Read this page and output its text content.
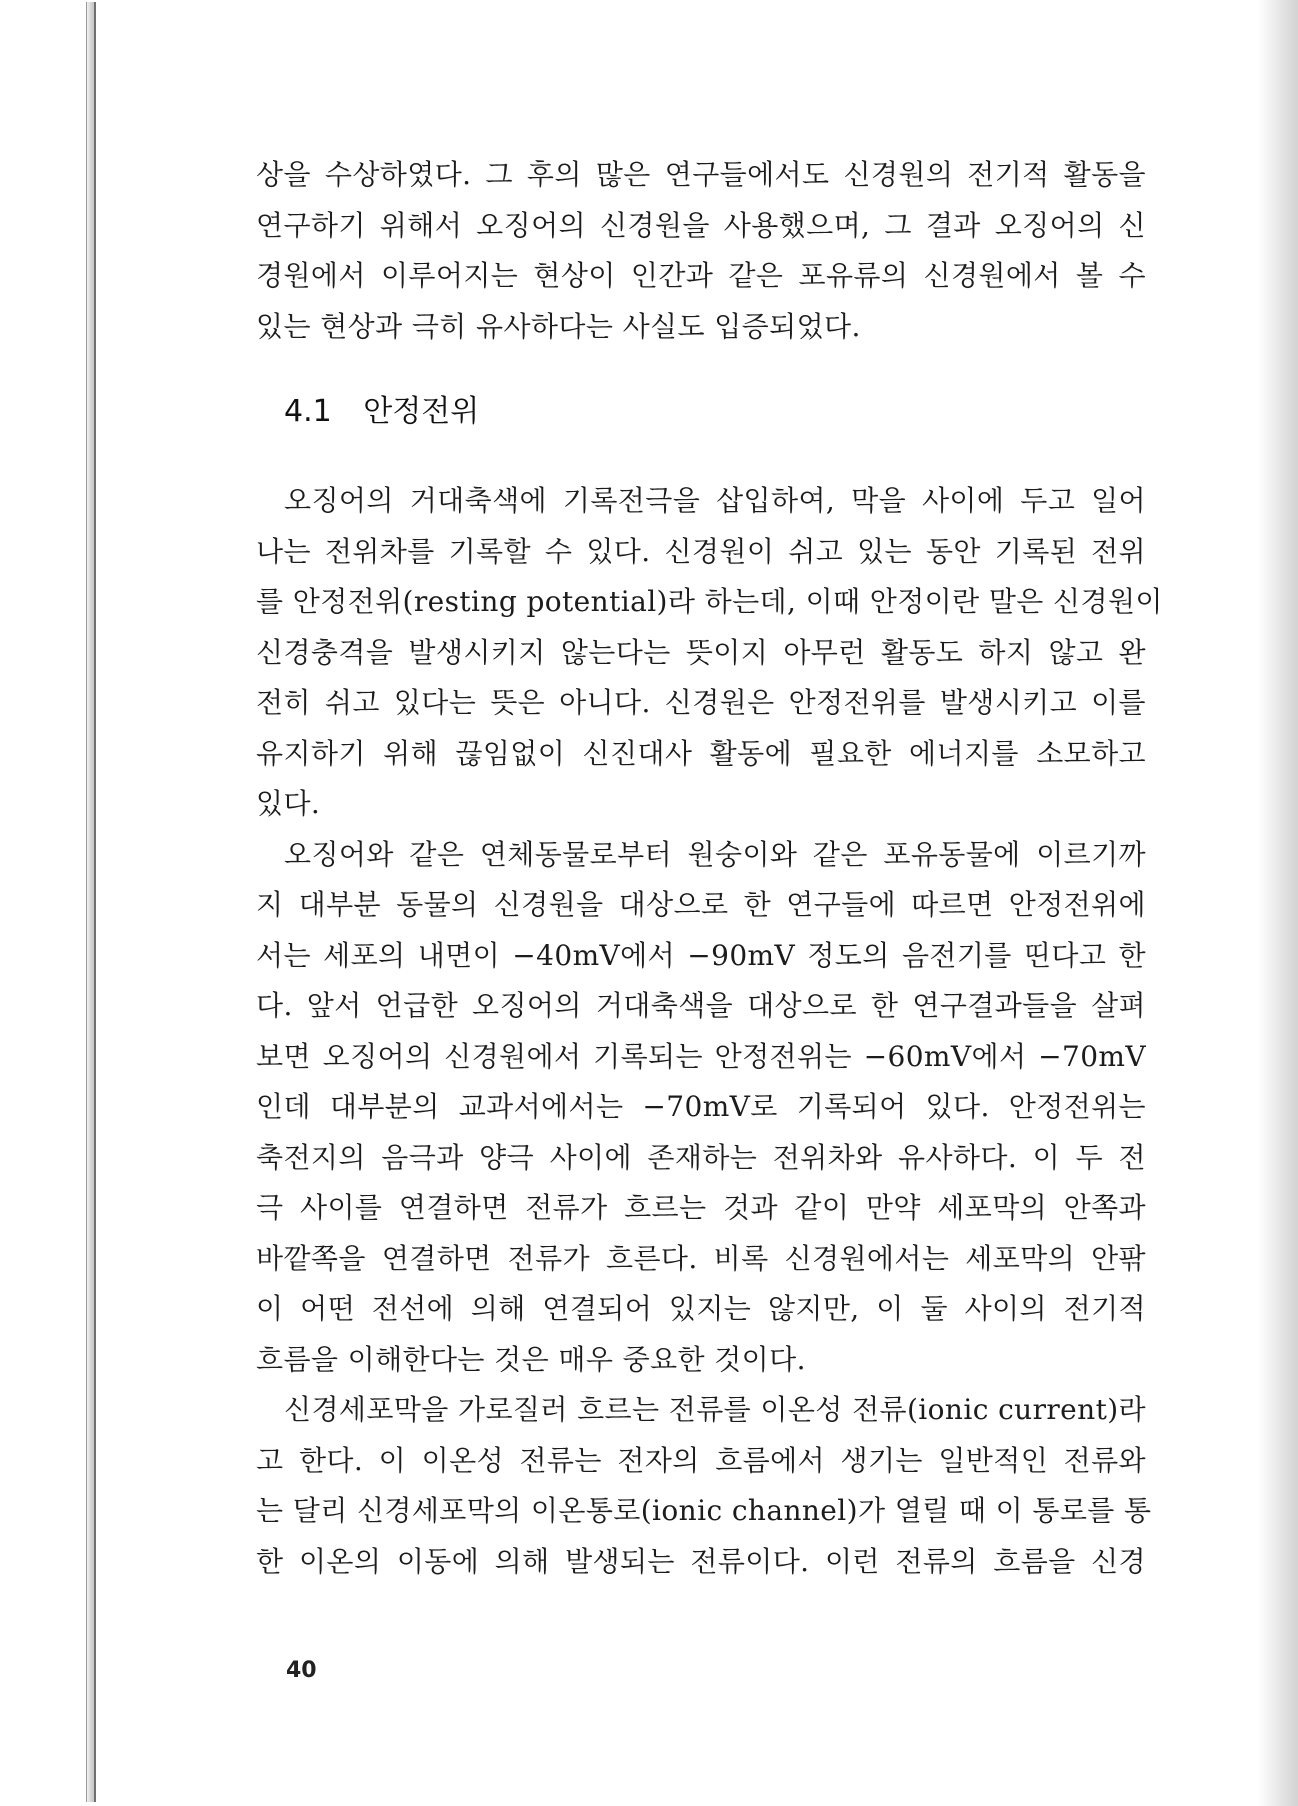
상을 수상하였다. 그 후의 많은 연구들에서도 신경원의 전기적 활동을
연구하기 위해서 오징어의 신경원을 사용했으며, 그 결과 오징어의 신
경원에서 이루어지는 현상이 인간과 같은 포유류의 신경원에서 볼 수
있는 현상과 극히 유사하다는 사실도 입증되었다.
4.1 안정전위
오징어의 거대축색에 기록전극을 삽입하여, 막을 사이에 두고 일어
나는 전위차를 기록할 수 있다. 신경원이 쉬고 있는 동안 기록된 전위
를 안정전위(resting potential)라 하는데, 이때 안정이란 말은 신경원이
신경충격을 발생시키지 않는다는 뜻이지 아무런 활동도 하지 않고 완
전히 쉬고 있다는 뜻은 아니다. 신경원은 안정전위를 발생시키고 이를
유지하기 위해 끊임없이 신진대사 활동에 필요한 에너지를 소모하고
있다.
오징어와 같은 연체동물로부터 원숭이와 같은 포유동물에 이르기까
지 대부분 동물의 신경원을 대상으로 한 연구들에 따르면 안정전위에
서는 세포의 내면이 −40mV에서 −90mV 정도의 음전기를 띤다고 한
다. 앞서 언급한 오징어의 거대축색을 대상으로 한 연구결과들을 살펴
보면 오징어의 신경원에서 기록되는 안정전위는 −60mV에서 −70mV
인데 대부분의 교과서에서는 −70mV로 기록되어 있다. 안정전위는
축전지의 음극과 양극 사이에 존재하는 전위차와 유사하다. 이 두 전
극 사이를 연결하면 전류가 흐르는 것과 같이 만약 세포막의 안쪽과
바깥쪽을 연결하면 전류가 흐른다. 비록 신경원에서는 세포막의 안팎
이 어떤 전선에 의해 연결되어 있지는 않지만, 이 둘 사이의 전기적
흐름을 이해한다는 것은 매우 중요한 것이다.
신경세포막을 가로질러 흐르는 전류를 이온성 전류(ionic current)라
고 한다. 이 이온성 전류는 전자의 흐름에서 생기는 일반적인 전류와
는 달리 신경세포막의 이온통로(ionic channel)가 열릴 때 이 통로를 통
한 이온의 이동에 의해 발생되는 전류이다. 이런 전류의 흐름을 신경
40
